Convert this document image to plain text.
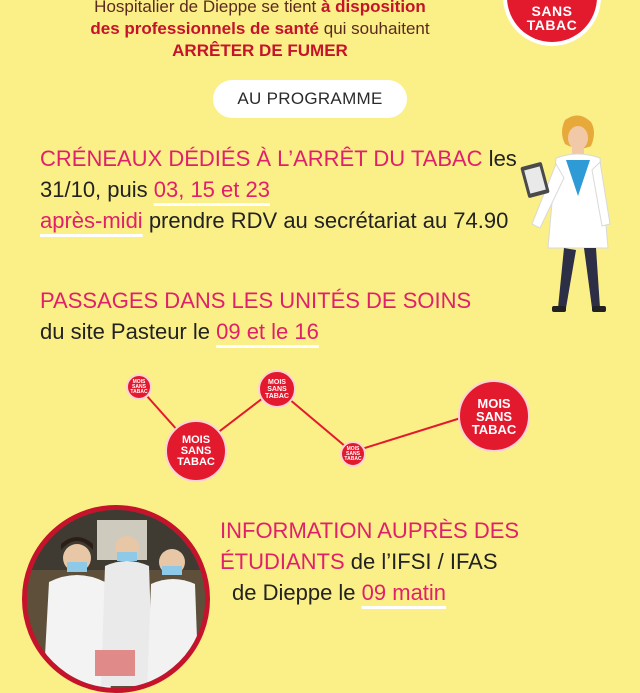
Hospitalier de Dieppe se tient à disposition
des professionnels de santé qui souhaitent
ARRÊTER DE FUMER
SANS
TABAC
AU PROGRAMME
CRÉNEAUX DÉDIÉS À L’ARRÊT DU TABAC les 31/10, puis 03, 15 et 23
après-midi prendre RDV au secrétariat au 74.90
PASSAGES DANS LES UNITÉS DE SOINS
du site Pasteur le 09 et le 16
MOIS
SANS
TABAC
MOIS
SANS
TABAC
MOIS
SANS
TABAC
MOIS
SANS
TABAC
MOIS
SANS
TABAC
INFORMATION AUPRÈS DES ÉTUDIANTS de l’IFSI / IFAS
de Dieppe le 09 matin
